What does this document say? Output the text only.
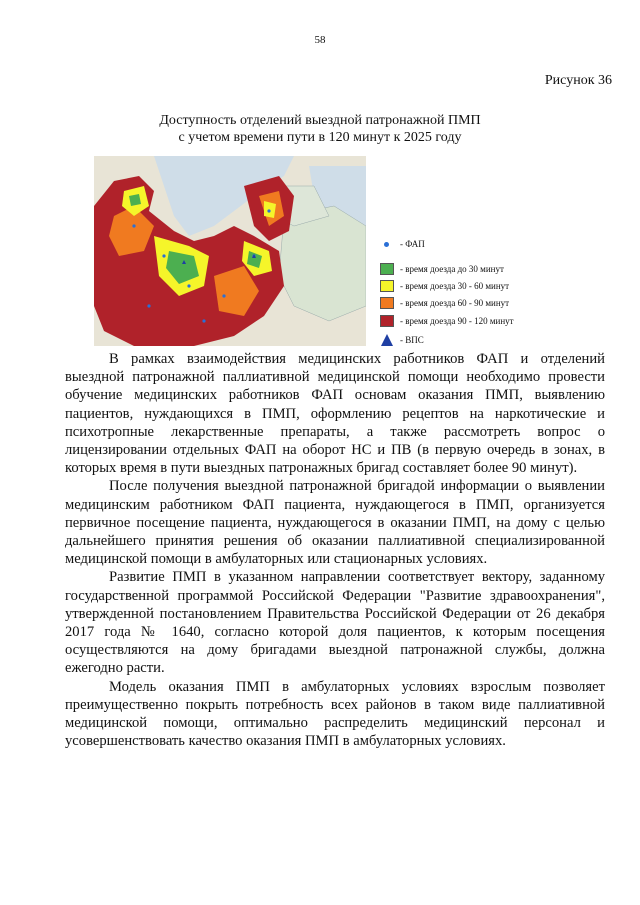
58
Рисунок 36
Доступность отделений выездной патронажной ПМП
с учетом времени пути в 120 минут к 2025 году
- ФАП
- время доезда до 30 минут
- время доезда 30 - 60 минут
- время доезда 60 - 90 минут
- время доезда 90 - 120 минут
- ВПС

В рамках взаимодействия медицинских работников ФАП и отделений выездной патронажной паллиативной медицинской помощи необходимо провести обучение медицинских работников ФАП основам оказания ПМП, выявлению пациентов, нуждающихся в ПМП, оформлению рецептов на наркотические и психотропные лекарственные препараты, а также рассмотреть вопрос о лицензировании отдельных ФАП на оборот НС и ПВ (в первую очередь в зонах, в которых время в пути выездных патронажных бригад составляет более 90 минут).

После получения выездной патронажной бригадой информации о выявлении медицинским работником ФАП пациента, нуждающегося в ПМП, организуется первичное посещение пациента, нуждающегося в оказании ПМП, на дому с целью дальнейшего принятия решения об оказании паллиативной специализированной медицинской помощи в амбулаторных или стационарных условиях.

Развитие ПМП в указанном направлении соответствует вектору, заданному государственной программой Российской Федерации "Развитие здравоохранения", утвержденной постановлением Правительства Российской Федерации от 26 декабря 2017 года № 1640, согласно которой доля пациентов, к которым посещения осуществляются на дому бригадами выездной патронажной службы, должна ежегодно расти.

Модель оказания ПМП в амбулаторных условиях взрослым позволяет преимущественно покрыть потребность всех районов в таком виде паллиативной медицинской помощи, оптимально распределить медицинский персонал и усовершенствовать качество оказания ПМП в амбулаторных условиях.
